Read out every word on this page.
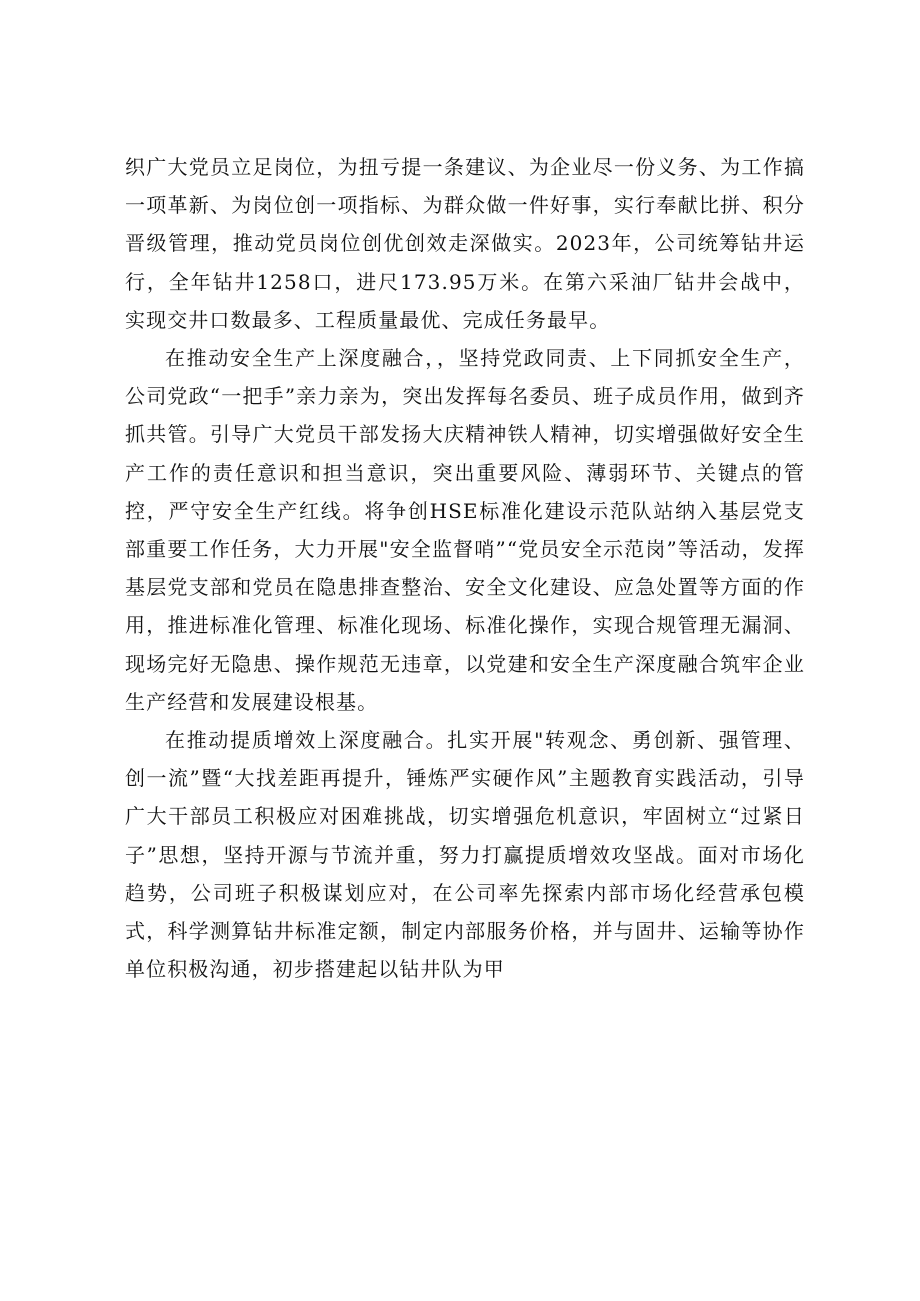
织广大党员立足岗位，为扭亏提一条建议、为企业尽一份义务、为工作搞一项革新、为岗位创一项指标、为群众做一件好事，实行奉献比拼、积分晋级管理，推动党员岗位创优创效走深做实。2023年，公司统筹钻井运行，全年钻井1258口，进尺173.95万米。在第六采油厂钻井会战中，实现交井口数最多、工程质量最优、完成任务最早。

在推动安全生产上深度融合，，坚持党政同责、上下同抓安全生产，公司党政“一把手”亲力亲为，突出发挥每名委员、班子成员作用，做到齐抓共管。引导广大党员干部发扬大庆精神铁人精神，切实增强做好安全生产工作的责任意识和担当意识，突出重要风险、薄弱环节、关键点的管控，严守安全生产红线。将争创HSE标准化建设示范队站纳入基层党支部重要工作任务，大力开展"安全监督哨”“党员安全示范岗”等活动，发挥基层党支部和党员在隐患排查整治、安全文化建设、应急处置等方面的作用，推进标准化管理、标准化现场、标准化操作，实现合规管理无漏洞、现场完好无隐患、操作规范无违章，以党建和安全生产深度融合筑牢企业生产经营和发展建设根基。

在推动提质增效上深度融合。扎实开展"转观念、勇创新、强管理、创一流”暨“大找差距再提升，锤炼严实硬作风”主题教育实践活动，引导广大干部员工积极应对困难挑战，切实增强危机意识，牢固树立“过紧日子”思想，坚持开源与节流并重，努力打赢提质增效攻坚战。面对市场化趋势，公司班子积极谋划应对，在公司率先探索内部市场化经营承包模式，科学测算钻井标准定额，制定内部服务价格，并与固井、运输等协作单位积极沟通，初步搭建起以钻井队为甲
